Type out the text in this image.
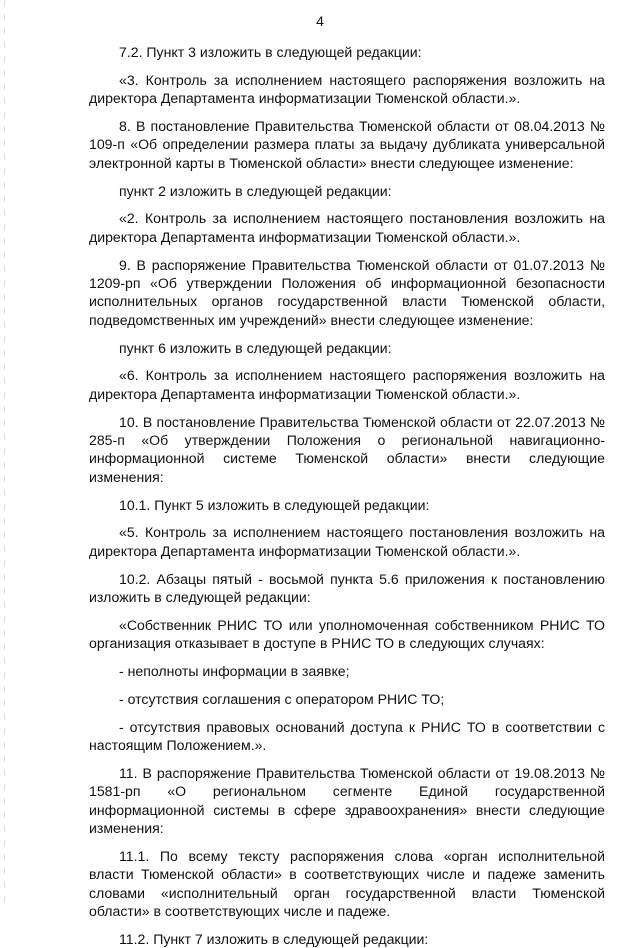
4

7.2. Пункт 3 изложить в следующей редакции:

«3. Контроль за исполнением настоящего распоряжения возложить на директора Департамента информатизации Тюменской области.».

8. В постановление Правительства Тюменской области от 08.04.2013 № 109-п «Об определении размера платы за выдачу дубликата универсальной электронной карты в Тюменской области» внести следующее изменение:

пункт 2 изложить в следующей редакции:

«2. Контроль за исполнением настоящего постановления возложить на директора Департамента информатизации Тюменской области.».

9. В распоряжение Правительства Тюменской области от 01.07.2013 № 1209-рп «Об утверждении Положения об информационной безопасности исполнительных органов государственной власти Тюменской области, подведомственных им учреждений» внести следующее изменение:

пункт 6 изложить в следующей редакции:

«6. Контроль за исполнением настоящего распоряжения возложить на директора Департамента информатизации Тюменской области.».

10. В постановление Правительства Тюменской области от 22.07.2013 № 285-п «Об утверждении Положения о региональной навигационно-информационной системе Тюменской области» внести следующие изменения:

10.1. Пункт 5 изложить в следующей редакции:

«5. Контроль за исполнением настоящего постановления возложить на директора Департамента информатизации Тюменской области.».

10.2. Абзацы пятый - восьмой пункта 5.6 приложения к постановлению изложить в следующей редакции:

«Собственник РНИС ТО или уполномоченная собственником РНИС ТО организация отказывает в доступе в РНИС ТО в следующих случаях:

- неполноты информации в заявке;

- отсутствия соглашения с оператором РНИС ТО;

- отсутствия правовых оснований доступа к РНИС ТО в соответствии с настоящим Положением.».

11. В распоряжение Правительства Тюменской области от 19.08.2013 № 1581-рп «О региональном сегменте Единой государственной информационной системы в сфере здравоохранения» внести следующие изменения:

11.1. По всему тексту распоряжения слова «орган исполнительной власти Тюменской области» в соответствующих числе и падеже заменить словами «исполнительный орган государственной власти Тюменской области» в соответствующих числе и падеже.

11.2. Пункт 7 изложить в следующей редакции:
